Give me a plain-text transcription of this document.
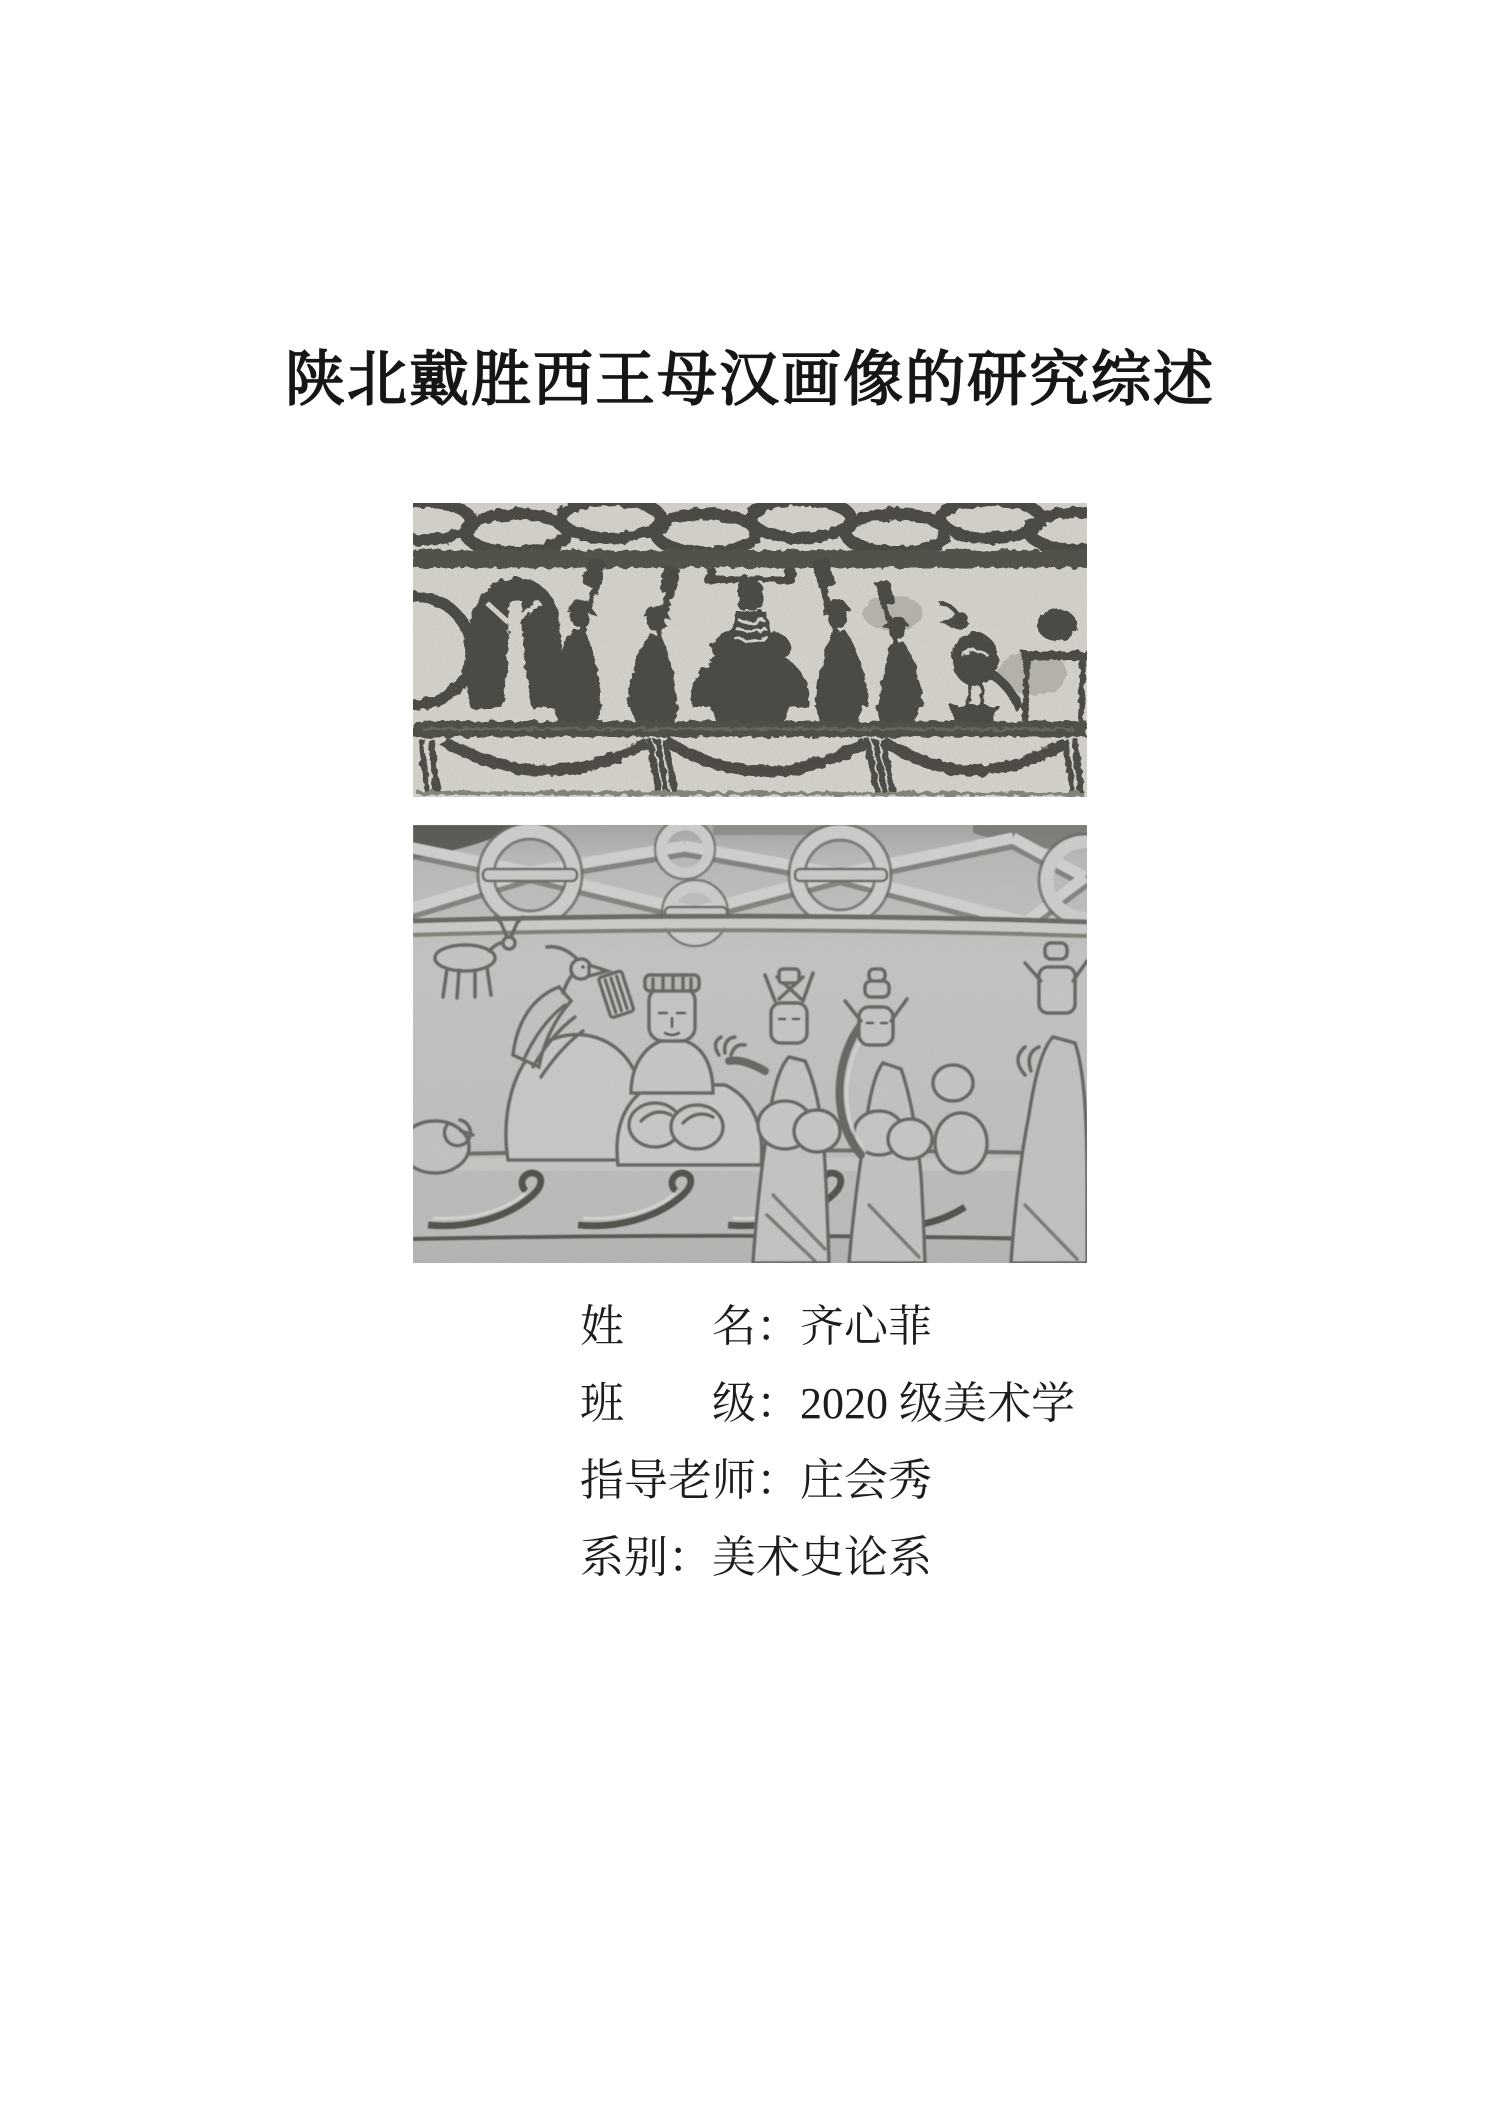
陕北戴胜西王母汉画像的研究综述
姓　　名：齐心菲
班　　级：2020 级美术学
指导老师：庄会秀
系别：美术史论系
